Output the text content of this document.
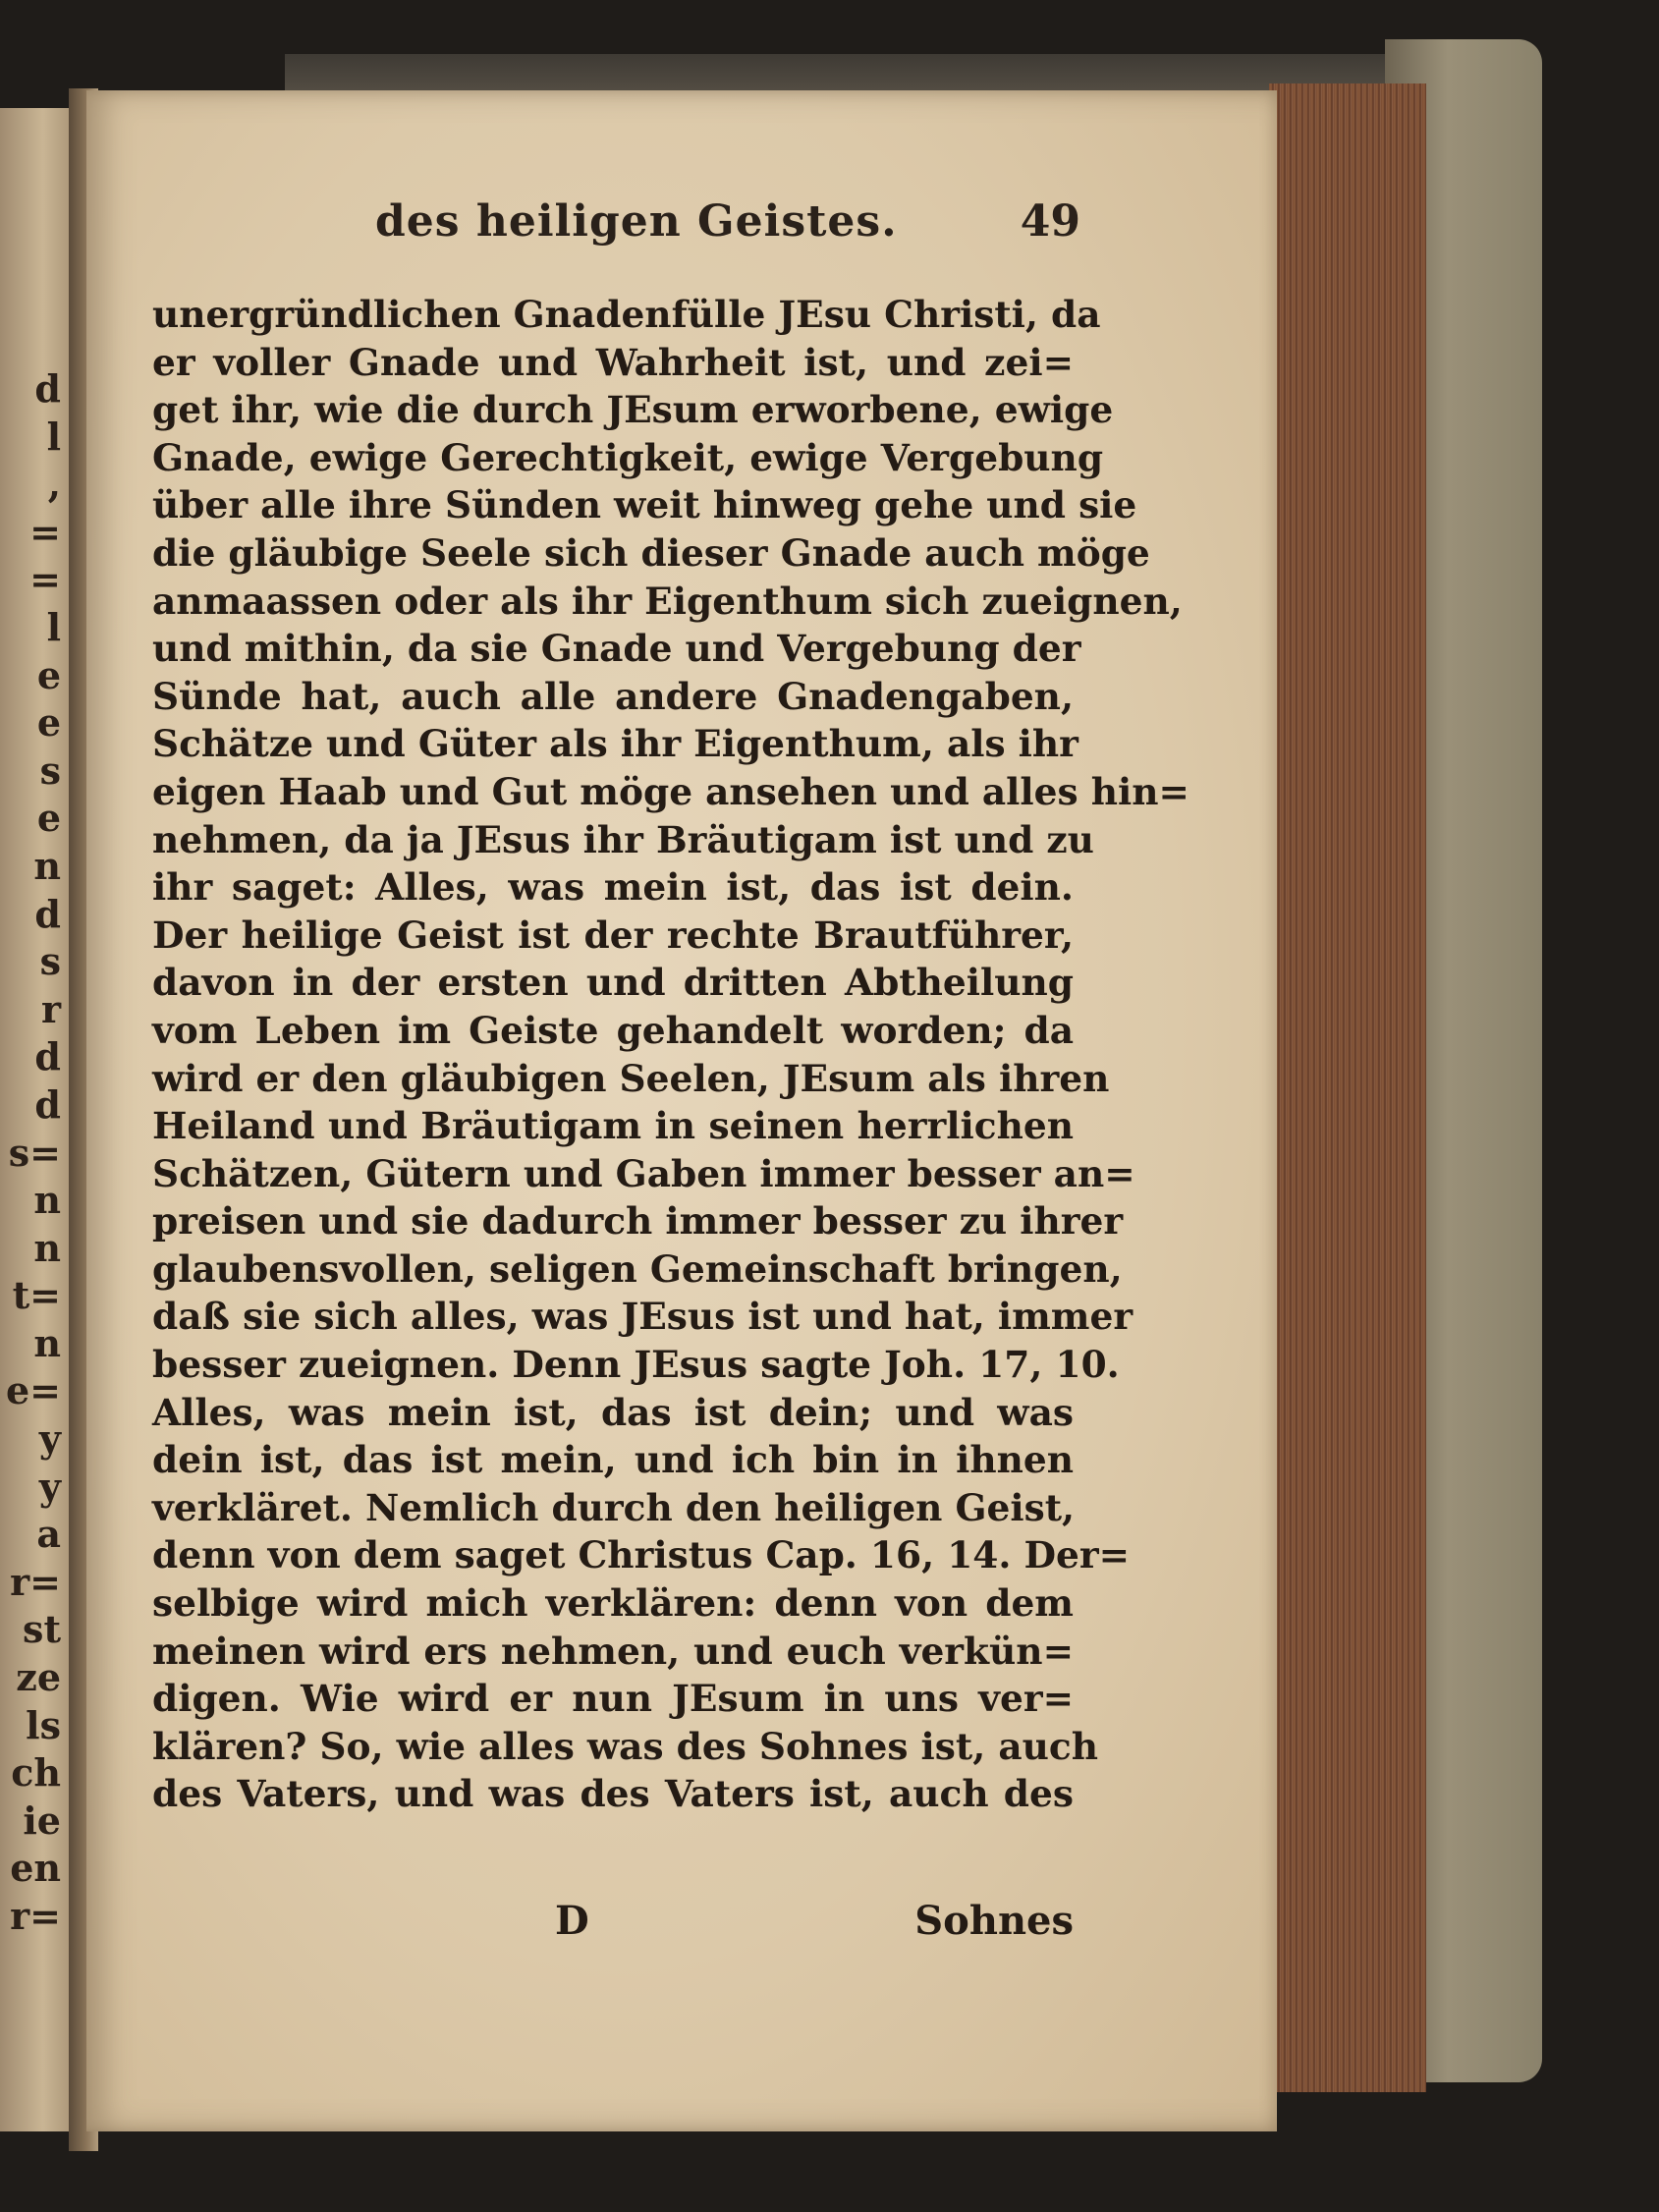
d
l
,
=
=
l
e
e
s
e
n
d
s
r
d
d
s=
n
n
t=
n
e=
y
y
a
r=
st
ze
ls
ch
ie
en
r=
des heiligen Geistes.	49
unergründlichen Gnadenfülle JEsu Christi, da
er voller Gnade und Wahrheit ist, und zei=
get ihr, wie die durch JEsum erworbene, ewige
Gnade, ewige Gerechtigkeit, ewige Vergebung
über alle ihre Sünden weit hinweg gehe und sie
die gläubige Seele sich dieser Gnade auch möge
anmaassen oder als ihr Eigenthum sich zueignen,
und mithin, da sie Gnade und Vergebung der
Sünde hat, auch alle andere Gnadengaben,
Schätze und Güter als ihr Eigenthum, als ihr
eigen Haab und Gut möge ansehen und alles hin=
nehmen, da ja JEsus ihr Bräutigam ist und zu
ihr saget: Alles, was mein ist, das ist dein.
Der heilige Geist ist der rechte Brautführer,
davon in der ersten und dritten Abtheilung
vom Leben im Geiste gehandelt worden; da
wird er den gläubigen Seelen, JEsum als ihren
Heiland und Bräutigam in seinen herrlichen
Schätzen, Gütern und Gaben immer besser an=
preisen und sie dadurch immer besser zu ihrer
glaubensvollen, seligen Gemeinschaft bringen,
daß sie sich alles, was JEsus ist und hat, immer
besser zueignen. Denn JEsus sagte Joh. 17, 10.
Alles, was mein ist, das ist dein; und was
dein ist, das ist mein, und ich bin in ihnen
verkläret. Nemlich durch den heiligen Geist,
denn von dem saget Christus Cap. 16, 14. Der=
selbige wird mich verklären: denn von dem
meinen wird ers nehmen, und euch verkün=
digen. Wie wird er nun JEsum in uns ver=
klären? So, wie alles was des Sohnes ist, auch
des Vaters, und was des Vaters ist, auch des
D	Sohnes
